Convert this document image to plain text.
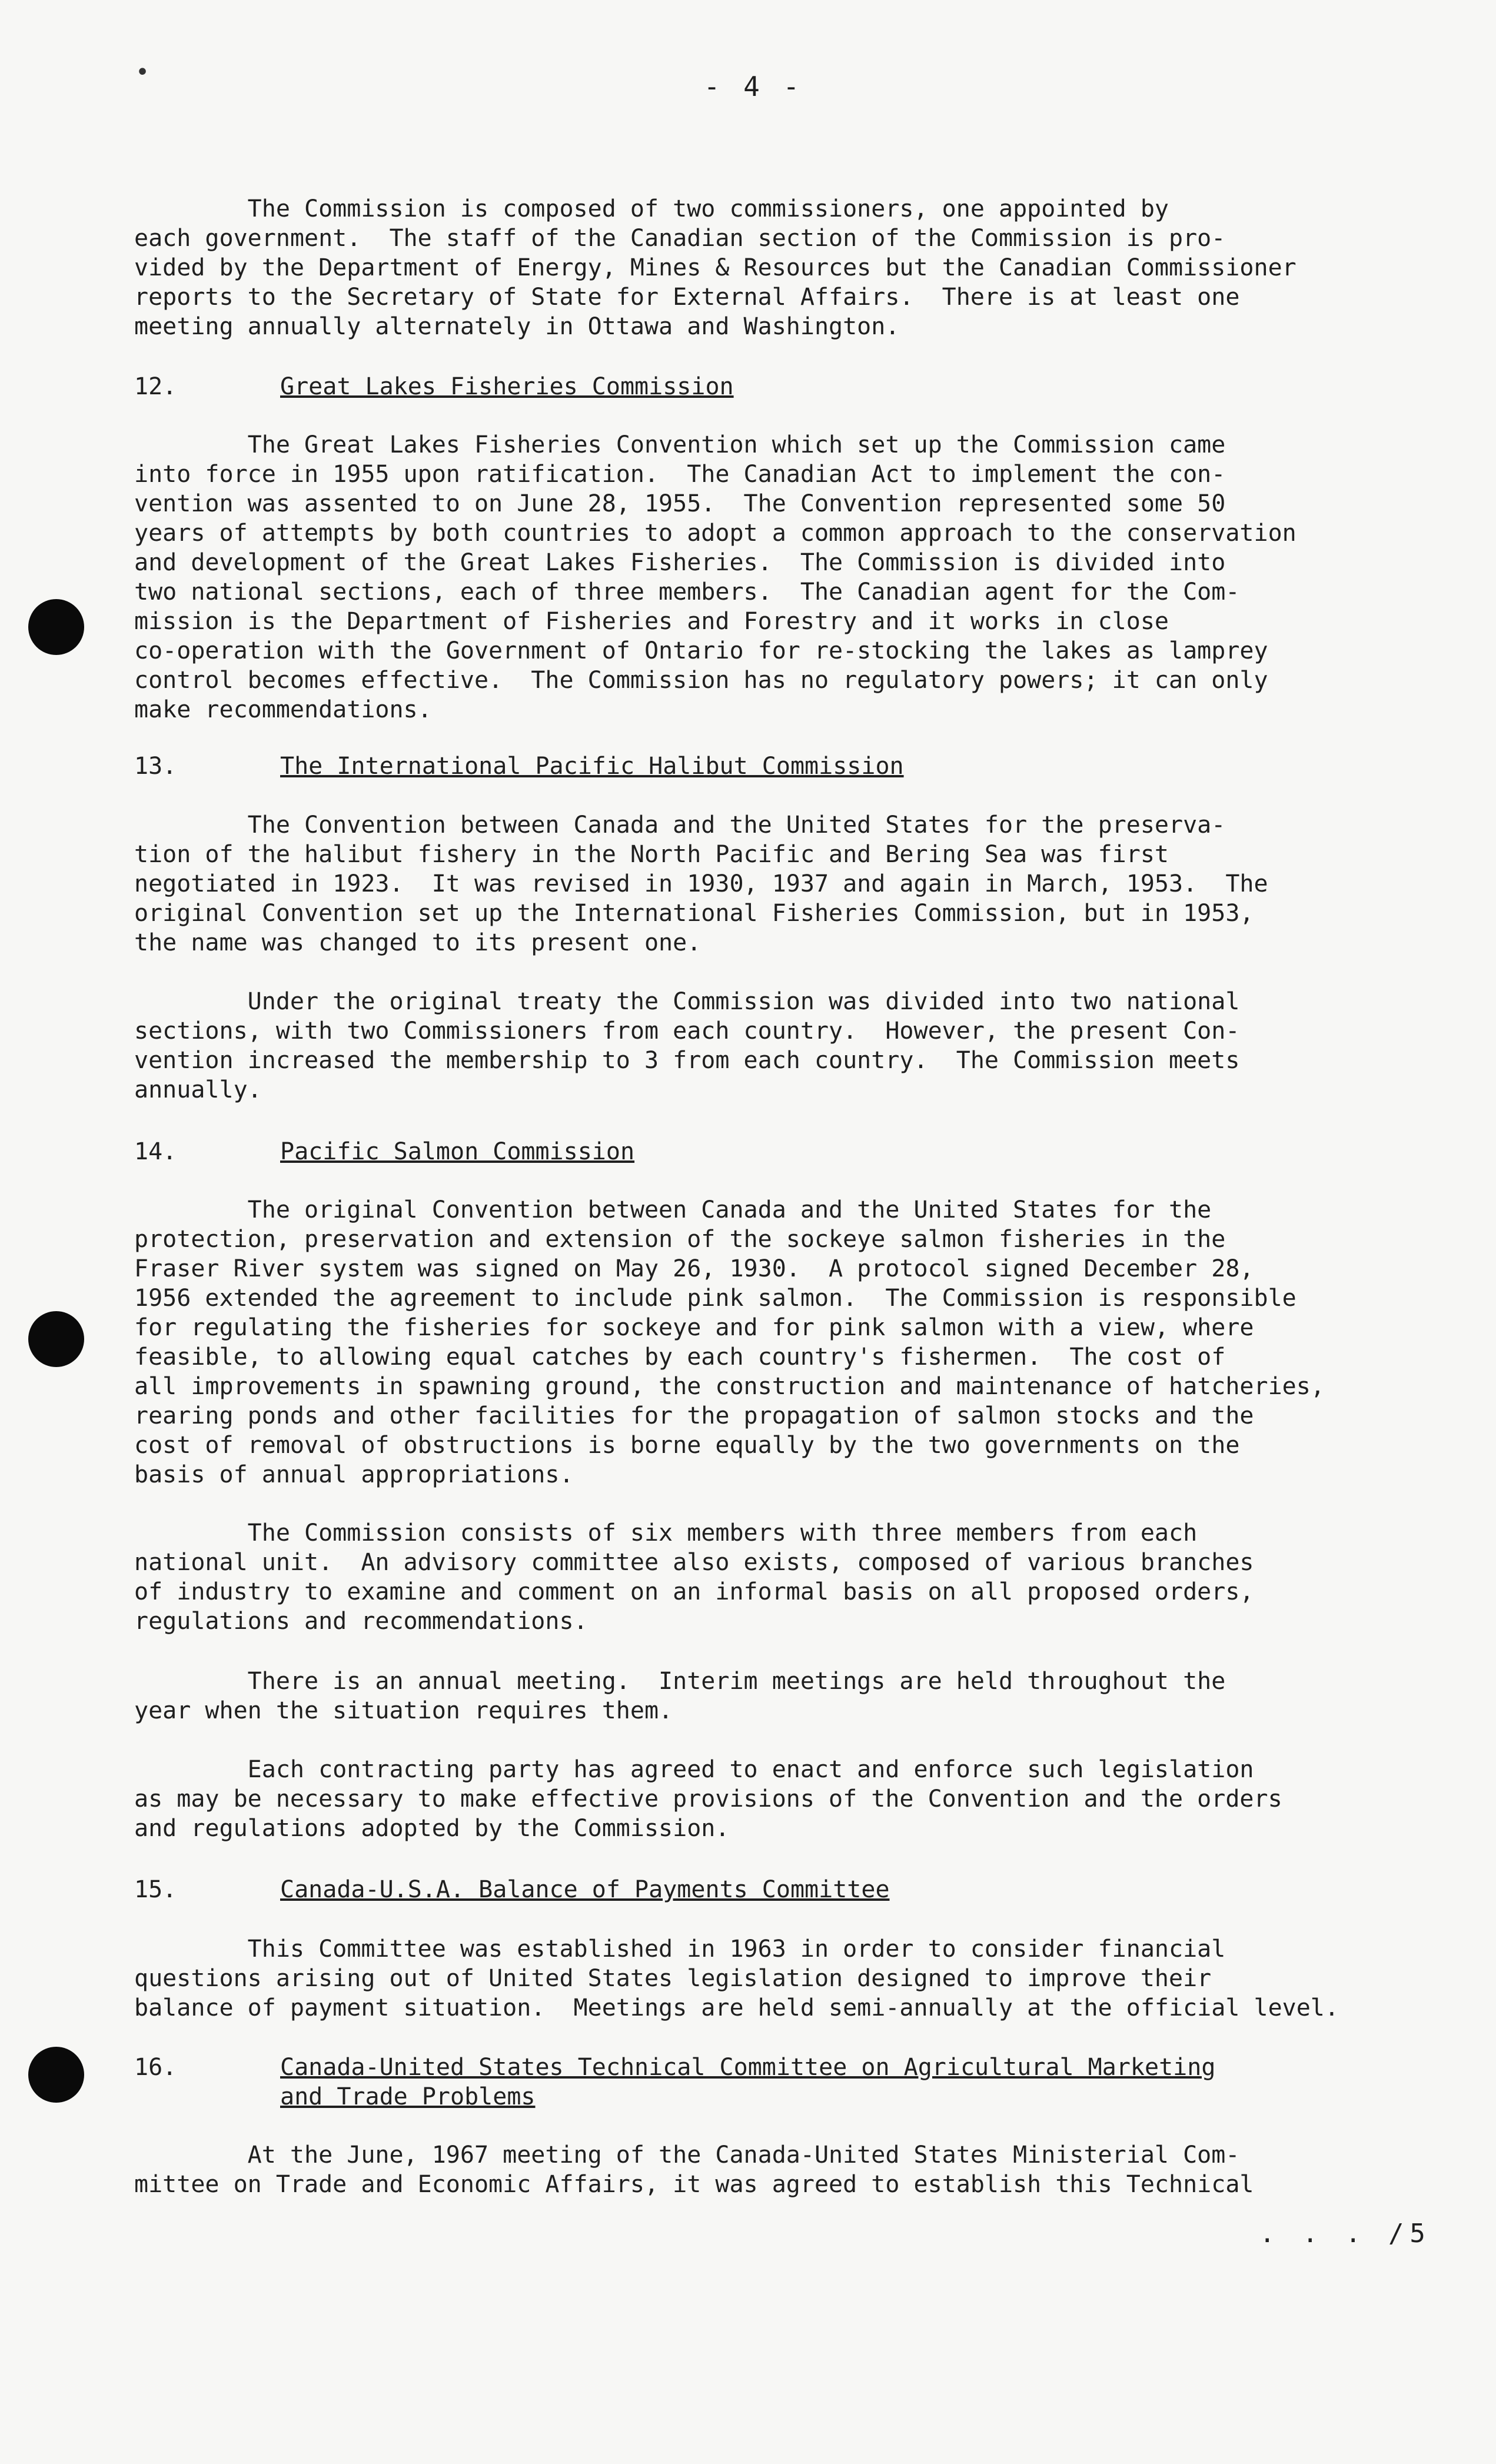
•	- 4 -

The Commission is composed of two commissioners, one appointed by
each government.  The staff of the Canadian section of the Commission is pro-
vided by the Department of Energy, Mines & Resources but the Canadian Commissioner
reports to the Secretary of State for External Affairs.  There is at least one
meeting annually alternately in Ottawa and Washington.

12.	Great Lakes Fisheries Commission

The Great Lakes Fisheries Convention which set up the Commission came
into force in 1955 upon ratification.  The Canadian Act to implement the con-
vention was assented to on June 28, 1955.  The Convention represented some 50
years of attempts by both countries to adopt a common approach to the conservation
and development of the Great Lakes Fisheries.  The Commission is divided into
two national sections, each of three members.  The Canadian agent for the Com-
mission is the Department of Fisheries and Forestry and it works in close
co-operation with the Government of Ontario for re-stocking the lakes as lamprey
control becomes effective.  The Commission has no regulatory powers; it can only
make recommendations.

13.	The International Pacific Halibut Commission

The Convention between Canada and the United States for the preserva-
tion of the halibut fishery in the North Pacific and Bering Sea was first
negotiated in 1923.  It was revised in 1930, 1937 and again in March, 1953.  The
original Convention set up the International Fisheries Commission, but in 1953,
the name was changed to its present one.

Under the original treaty the Commission was divided into two national
sections, with two Commissioners from each country.  However, the present Con-
vention increased the membership to 3 from each country.  The Commission meets
annually.

14.	Pacific Salmon Commission

The original Convention between Canada and the United States for the
protection, preservation and extension of the sockeye salmon fisheries in the
Fraser River system was signed on May 26, 1930.  A protocol signed December 28,
1956 extended the agreement to include pink salmon.  The Commission is responsible
for regulating the fisheries for sockeye and for pink salmon with a view, where
feasible, to allowing equal catches by each country's fishermen.  The cost of
all improvements in spawning ground, the construction and maintenance of hatcheries,
rearing ponds and other facilities for the propagation of salmon stocks and the
cost of removal of obstructions is borne equally by the two governments on the
basis of annual appropriations.

The Commission consists of six members with three members from each
national unit.  An advisory committee also exists, composed of various branches
of industry to examine and comment on an informal basis on all proposed orders,
regulations and recommendations.

There is an annual meeting.  Interim meetings are held throughout the
year when the situation requires them.

Each contracting party has agreed to enact and enforce such legislation
as may be necessary to make effective provisions of the Convention and the orders
and regulations adopted by the Commission.

15.	Canada-U.S.A. Balance of Payments Committee

This Committee was established in 1963 in order to consider financial
questions arising out of United States legislation designed to improve their
balance of payment situation.  Meetings are held semi-annually at the official level.

16.	Canada-United States Technical Committee on Agricultural Marketing
and Trade Problems

At the June, 1967 meeting of the Canada-United States Ministerial Com-
mittee on Trade and Economic Affairs, it was agreed to establish this Technical

. . . /5
